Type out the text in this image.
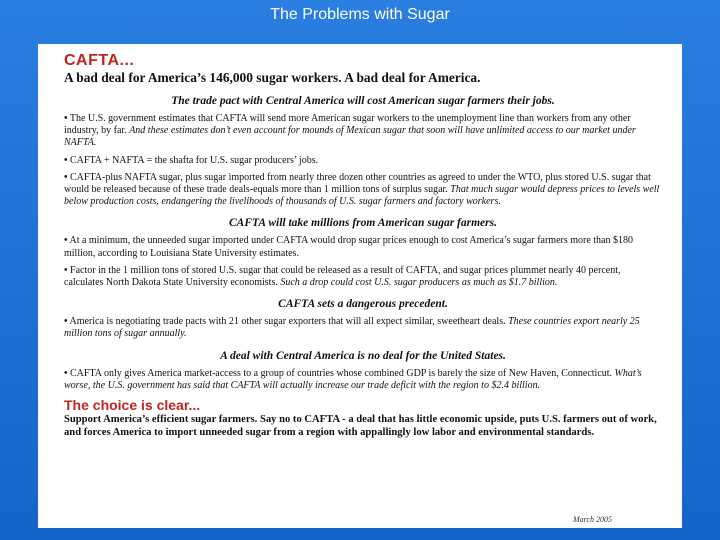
The Problems with Sugar
CAFTA...
A bad deal for America’s 146,000 sugar workers. A bad deal for America.
The trade pact with Central America will cost American sugar farmers their jobs.

• The U.S. government estimates that CAFTA will send more American sugar workers to the unemployment line than workers from any other industry, by far. And these estimates don’t even account for mounds of Mexican sugar that soon will have unlimited access to our market under NAFTA.

• CAFTA + NAFTA = the shafta for U.S. sugar producers’ jobs.

• CAFTA-plus NAFTA sugar, plus sugar imported from nearly three dozen other countries as agreed to under the WTO, plus stored U.S. sugar that would be released because of these trade deals-equals more than 1 million tons of surplus sugar. That much sugar would depress prices to levels well below production costs, endangering the livelihoods of thousands of U.S. sugar farmers and factory workers.

CAFTA will take millions from American sugar farmers.

• At a minimum, the unneeded sugar imported under CAFTA would drop sugar prices enough to cost America’s sugar farmers more than $180 million, according to Louisiana State University estimates.

• Factor in the 1 million tons of stored U.S. sugar that could be released as a result of CAFTA, and sugar prices plummet nearly 40 percent, calculates North Dakota State University economists. Such a drop could cost U.S. sugar producers as much as $1.7 billion.

CAFTA sets a dangerous precedent.

• America is negotiating trade pacts with 21 other sugar exporters that will all expect similar, sweetheart deals. These countries export nearly 25 million tons of sugar annually.

A deal with Central America is no deal for the United States.

• CAFTA only gives America market-access to a group of countries whose combined GDP is barely the size of New Haven, Connecticut. What’s worse, the U.S. government has said that CAFTA will actually increase our trade deficit with the region to $2.4 billion.

The choice is clear...
Support America’s efficient sugar farmers. Say no to CAFTA - a deal that has little economic upside, puts U.S. farmers out of work, and forces America to import unneeded sugar from a region with appallingly low labor and environmental standards.
March 2005
